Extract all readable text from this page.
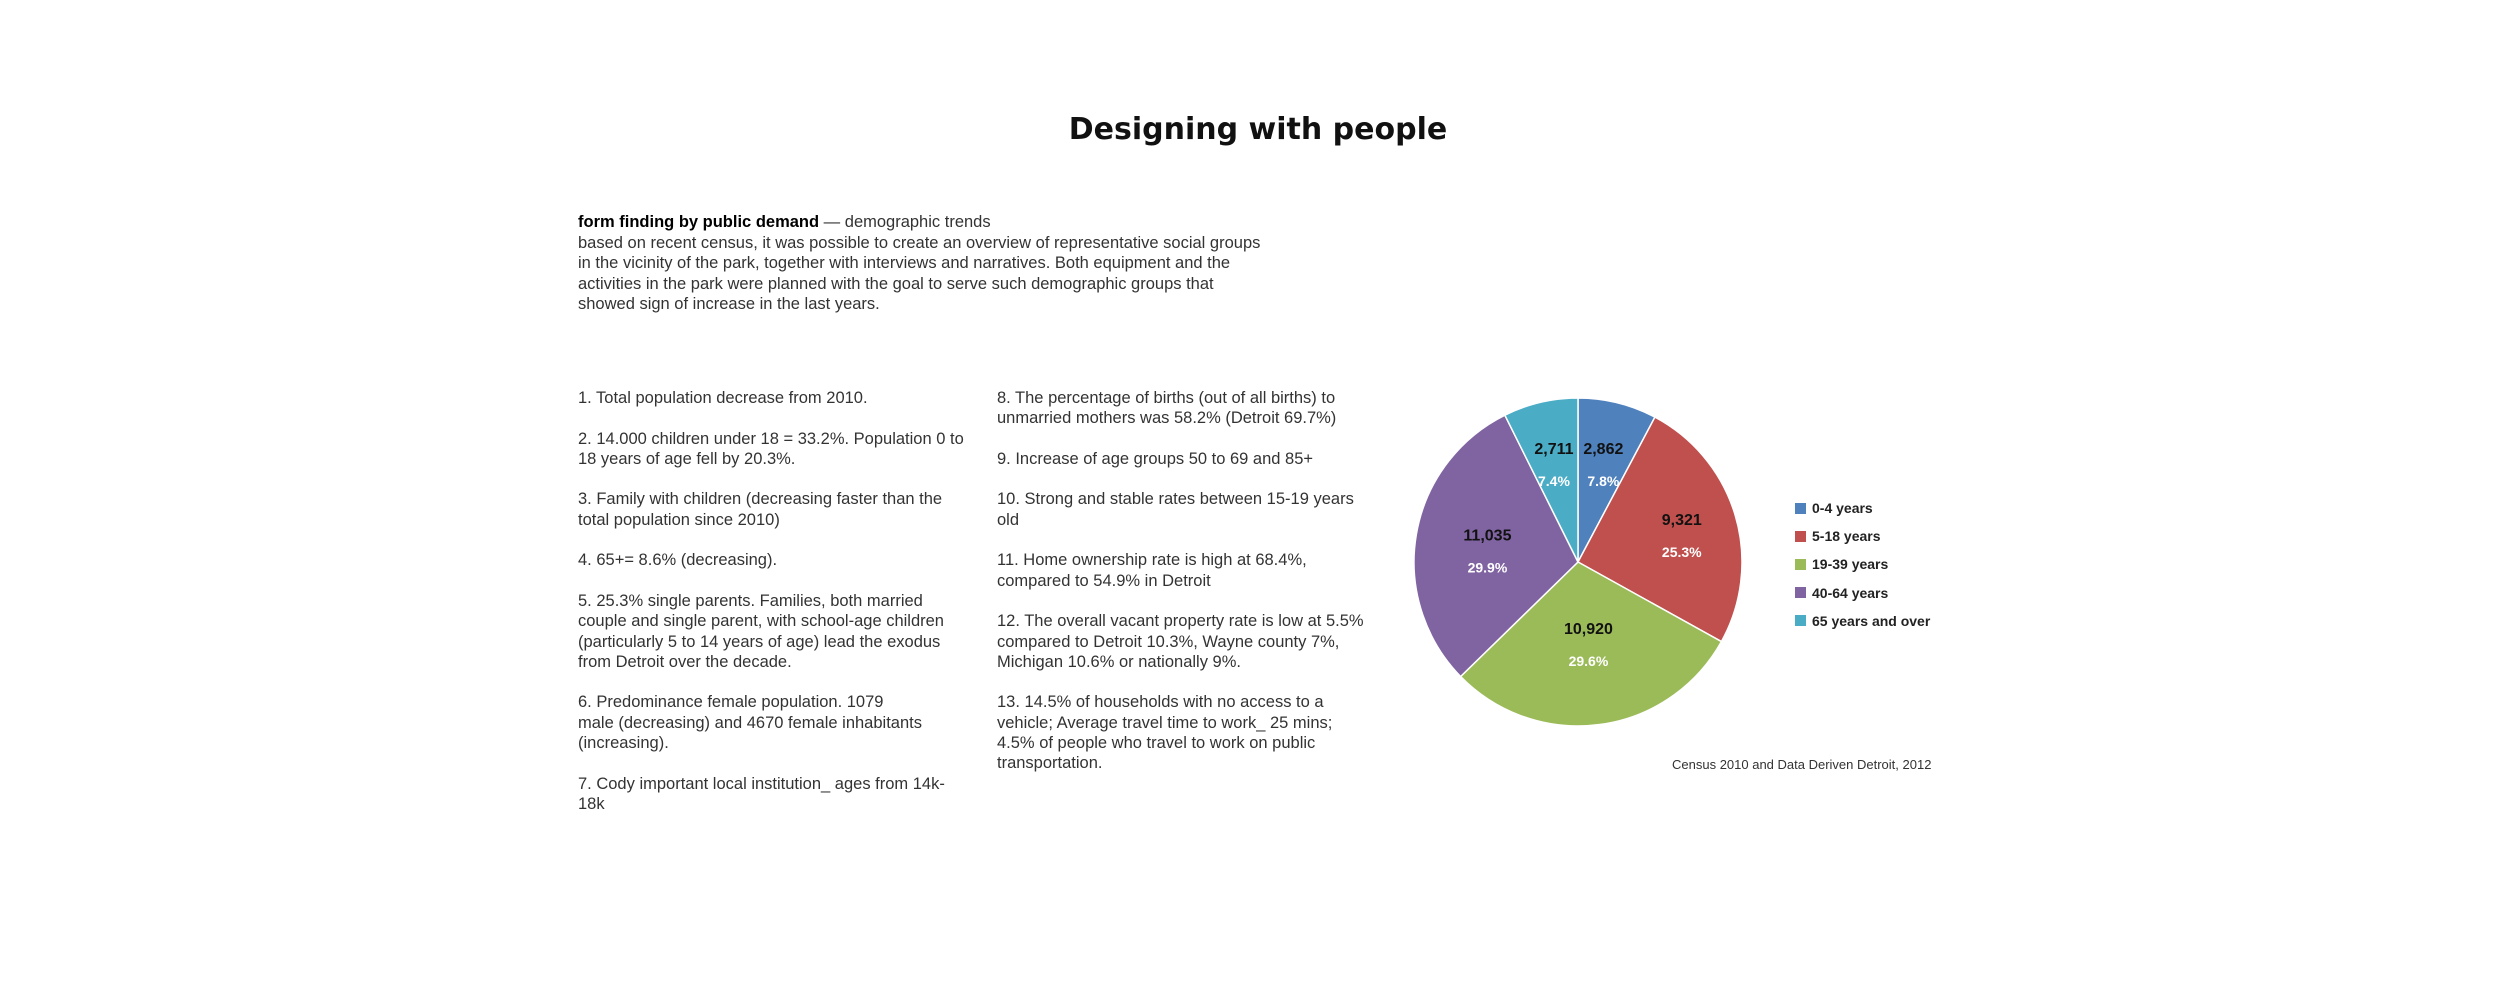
Designing with people
form finding by public demand — demographic trends
based on recent census, it was possible to create an overview of representative social groups
in the vicinity of the park, together with interviews and narratives. Both equipment and the
activities in the park were planned with the goal to serve such demographic groups that
showed sign of increase in the last years.
1. Total population decrease from 2010.
2. 14.000 children under 18 = 33.2%. Population 0 to
18 years of age fell by 20.3%.
3. Family with children (decreasing faster than the
total population since 2010)
4. 65+= 8.6% (decreasing).
5. 25.3% single parents. Families, both married
couple and single parent, with school-age children
(particularly 5 to 14 years of age) lead the exodus
from Detroit over the decade.
6. Predominance female population. 1079
male (decreasing) and 4670 female inhabitants
(increasing).
7. Cody important local institution_ ages from 14k-
18k
8. The percentage of births (out of all births) to
unmarried mothers was 58.2% (Detroit 69.7%)
9. Increase of age groups 50 to 69 and 85+
10. Strong and stable rates between 15-19 years
old
11. Home ownership rate is high at 68.4%,
compared to 54.9% in Detroit
12. The overall vacant property rate is low at 5.5%
compared to Detroit 10.3%, Wayne county 7%,
Michigan 10.6% or nationally 9%.
13. 14.5% of households with no access to a
vehicle; Average travel time to work_ 25 mins;
4.5% of people who travel to work on public
transportation.
2,862
7.8%
9,321
25.3%
10,920
29.6%
11,035
29.9%
2,711
7.4%
0-4 years
5-18 years
19-39 years
40-64 years
65 years and over
Census 2010 and Data Deriven Detroit, 2012
